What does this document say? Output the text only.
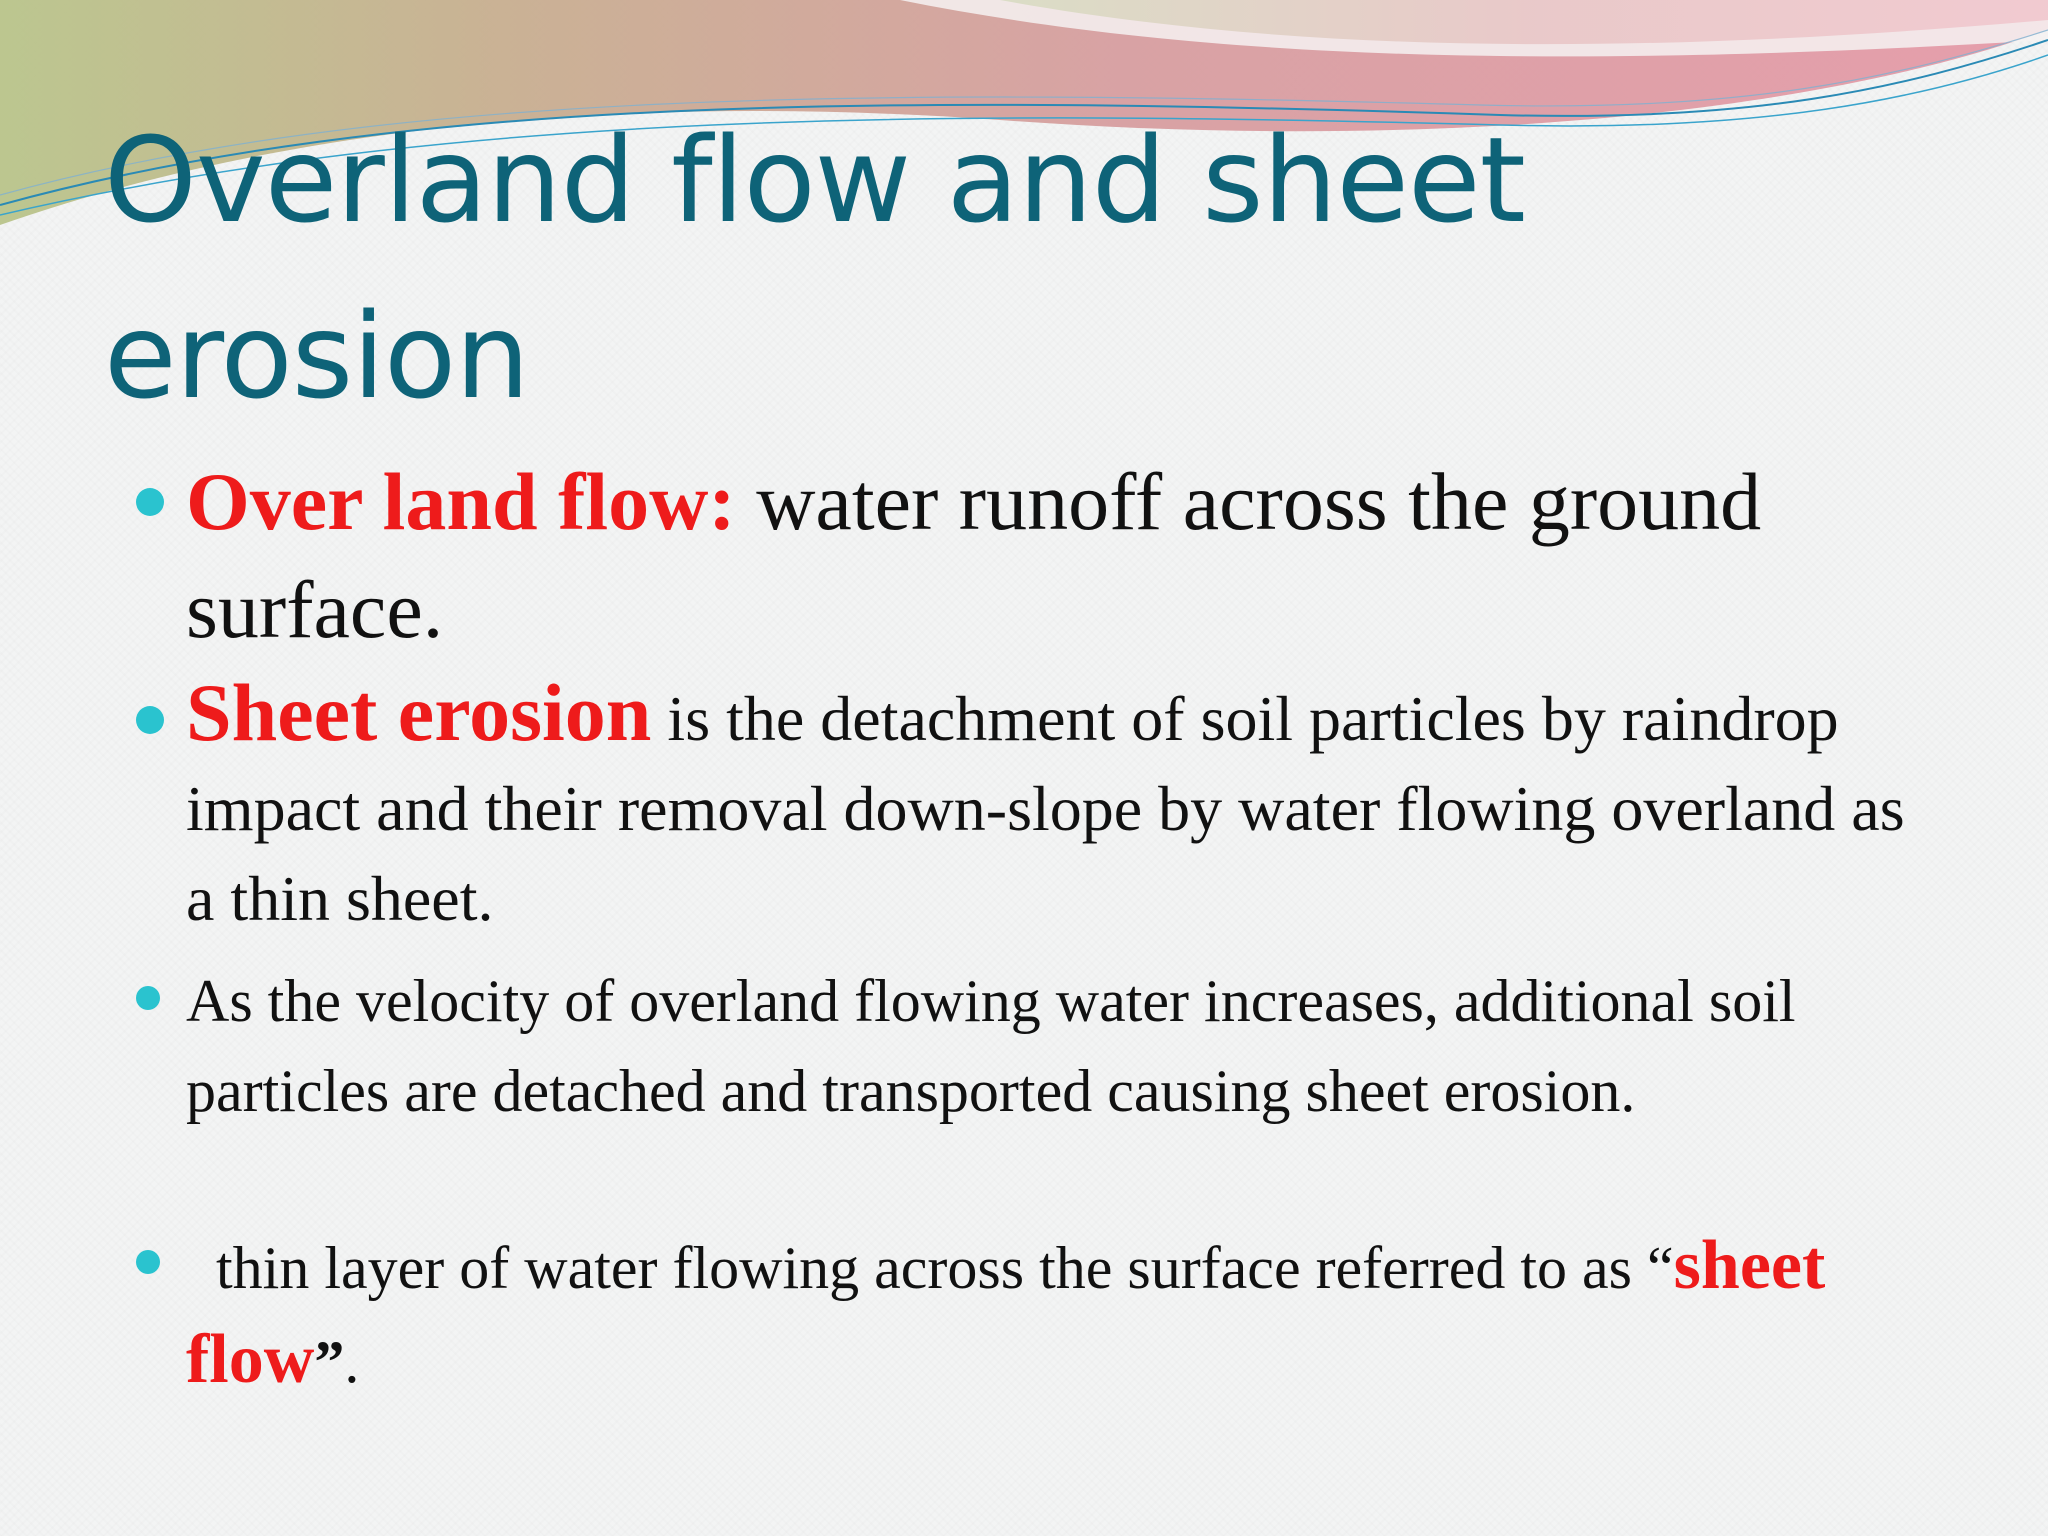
Overland flow and sheet erosion

Over land flow: water runoff across the ground surface.

Sheet erosion is the detachment of soil particles by raindrop impact and their removal down-slope by water flowing overland as a thin sheet.

As the velocity of overland flowing water increases, additional soil particles are detached and transported causing sheet erosion.

thin layer of water flowing across the surface referred to as “sheet flow”.
